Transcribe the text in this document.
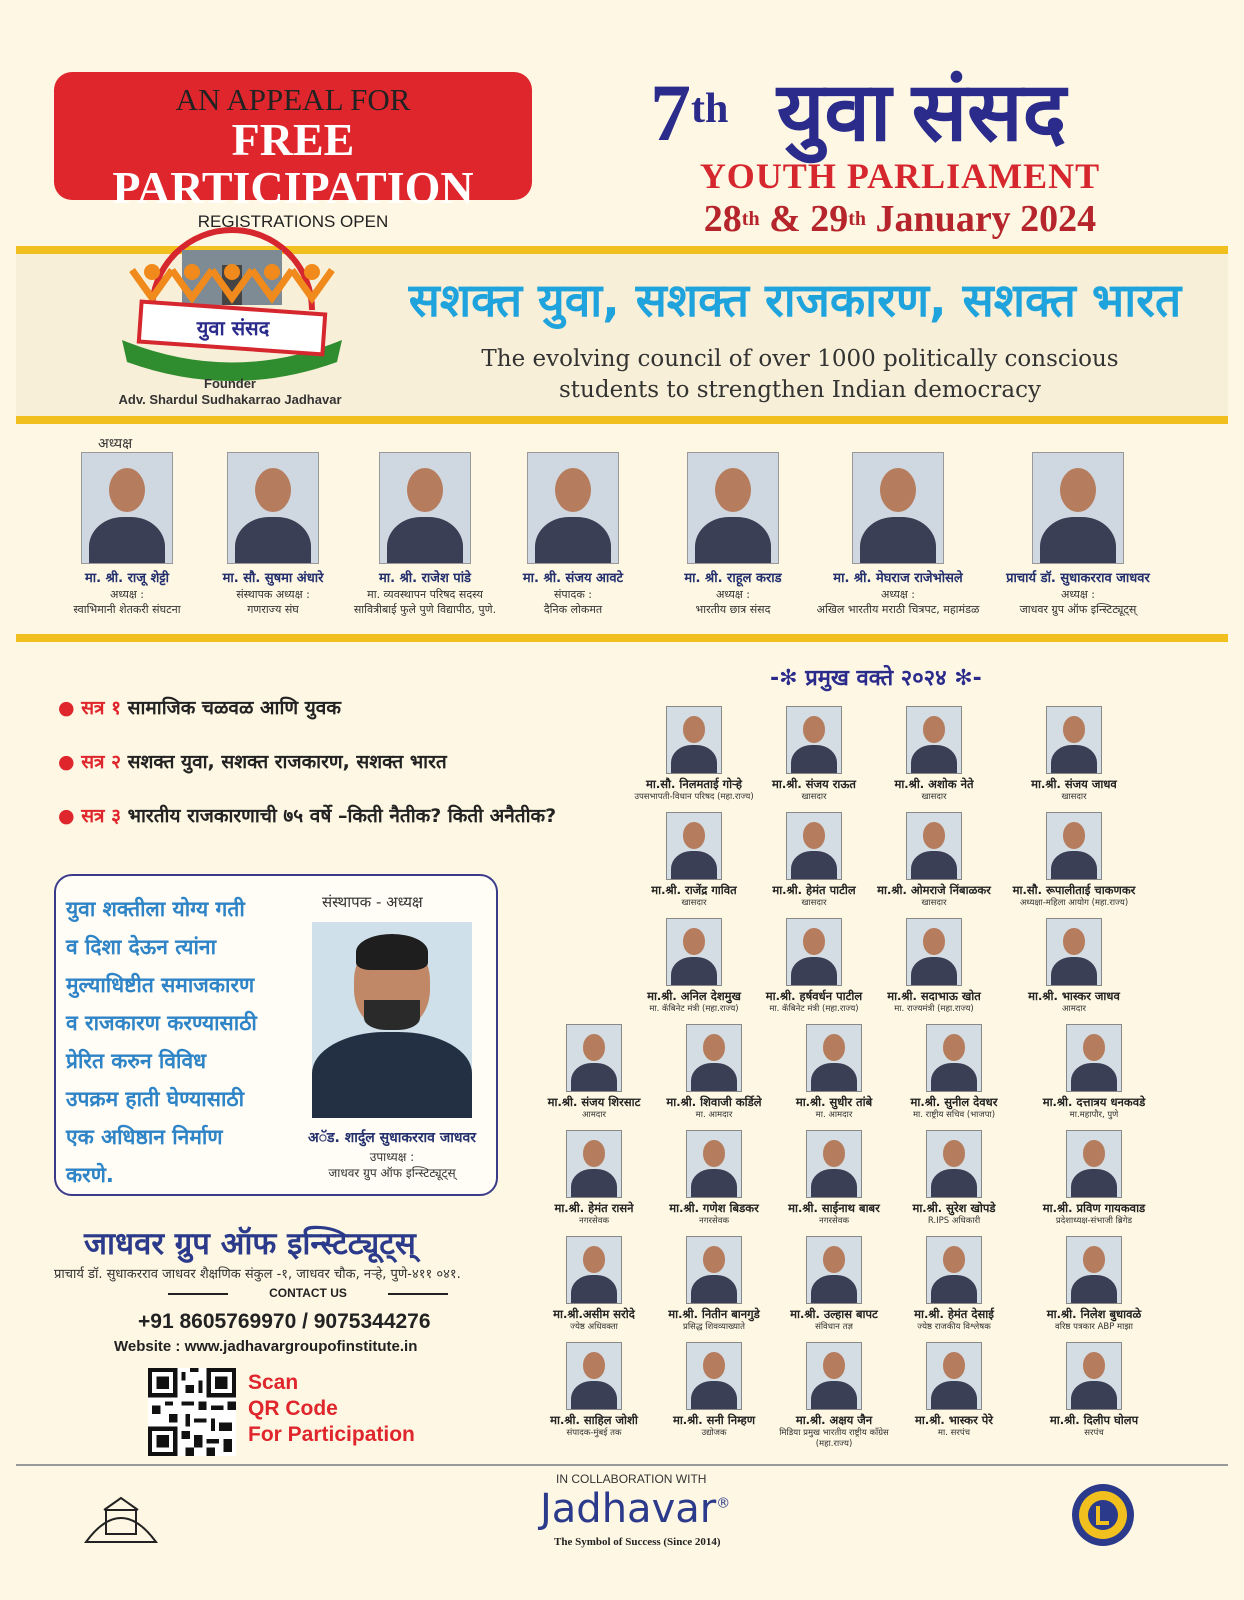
AN APPEAL FOR
FREE PARTICIPATION
REGISTRATIONS OPEN
7th युवा संसद
YOUTH PARLIAMENT
28th & 29th January 2024
युवा संसद
Founder
Adv. Shardul Sudhakarrao Jadhavar
सशक्त युवा, सशक्त राजकारण, सशक्त भारत
The evolving council of over 1000 politically conscious
students to strengthen Indian democracy
अध्यक्ष
मा. श्री. राजू शेट्टी
अध्यक्ष :
स्वाभिमानी शेतकरी संघटना
मा. सौ. सुषमा अंधारे
संस्थापक अध्यक्ष :
गणराज्य संघ
मा. श्री. राजेश पांडे
मा. व्यवस्थापन परिषद सदस्य
सावित्रीबाई फुले पुणे विद्यापीठ, पुणे.
मा. श्री. संजय आवटे
संपादक :
दैनिक लोकमत
मा. श्री. राहूल कराड
अध्यक्ष :
भारतीय छात्र संसद
मा. श्री. मेघराज राजेभोसले
अध्यक्ष :
अखिल भारतीय मराठी चित्रपट, महामंडळ
प्राचार्य डॉ. सुधाकरराव जाधवर
अध्यक्ष :
जाधवर ग्रुप ऑफ इन्स्टिट्यूट्स्
● सत्र १ सामाजिक चळवळ आणि युवक
● सत्र २ सशक्त युवा, सशक्त राजकारण, सशक्त भारत
● सत्र ३ भारतीय राजकारणाची ७५ वर्षे –किती नैतीक? किती अनैतीक?
युवा शक्तीला योग्य गती
व दिशा देऊन त्यांना
मुल्याधिष्टीत समाजकारण
व राजकारण करण्यासाठी
प्रेरित करुन विविध
उपक्रम हाती घेण्यासाठी
एक अधिष्ठान निर्माण
करणे.
संस्थापक - अध्यक्ष
अॅड. शार्दुल सुधाकरराव जाधवर
उपाध्यक्ष :
जाधवर ग्रुप ऑफ इन्स्टिट्यूट्स्
जाधवर ग्रुप ऑफ इन्स्टिट्यूट्स्
प्राचार्य डॉ. सुधाकरराव जाधवर शैक्षणिक संकुल -१, जाधवर चौक, नऱ्हे, पुणे-४११ ०४१.
CONTACT US
+91 8605769970 / 9075344276
Website : www.jadhavargroupofinstitute.in
Scan
QR Code
For Participation
-✻ प्रमुख वक्ते २०२४ ✻-
मा.सौ. निलमताई गोऱ्हे
उपसभापती-विधान परिषद (महा.राज्य)
मा.श्री. संजय राऊत
खासदार
मा.श्री. अशोक नेते
खासदार
मा.श्री. संजय जाधव
खासदार
मा.श्री. राजेंद्र गावित
खासदार
मा.श्री. हेमंत पाटील
खासदार
मा.श्री. ओमराजे निंबाळकर
खासदार
मा.सौ. रूपालीताई चाकणकर
अध्यक्षा-महिला आयोग (महा.राज्य)
मा.श्री. अनिल देशमुख
मा. कॅबिनेट मंत्री (महा.राज्य)
मा.श्री. हर्षवर्धन पाटील
मा. कॅबिनेट मंत्री (महा.राज्य)
मा.श्री. सदाभाऊ खोत
मा. राज्यमंत्री (महा.राज्य)
मा.श्री. भास्कर जाधव
आमदार
मा.श्री. संजय शिरसाट
आमदार
मा.श्री. शिवाजी कर्डिले
मा. आमदार
मा.श्री. सुधीर तांबे
मा. आमदार
मा.श्री. सुनील देवधर
मा. राष्ट्रीय सचिव (भाजपा)
मा.श्री. दत्तात्रय धनकवडे
मा.महापौर, पुणे
मा.श्री. हेमंत रासने
नगरसेवक
मा.श्री. गणेश बिडकर
नगरसेवक
मा.श्री. साईनाथ बाबर
नगरसेवक
मा.श्री. सुरेश खोपडे
R.IPS अधिकारी
मा.श्री. प्रविण गायकवाड
प्रदेशाध्यक्ष-संभाजी ब्रिगेड
मा.श्री.असीम सरोदे
ज्येष्ठ अधिवक्ता
मा.श्री. नितीन बानगुडे
प्रसिद्ध शिवव्याख्याते
मा.श्री. उल्हास बापट
संविधान तज्ञ
मा.श्री. हेमंत देसाई
ज्येष्ठ राजकीय विश्लेषक
मा.श्री. निलेश बुधावळे
वरिष्ठ पत्रकार ABP माझा
मा.श्री. साहिल जोशी
संपादक-मुंबई तक
मा.श्री. सनी निम्हण
उद्योजक
मा.श्री. अक्षय जैन
मिडिया प्रमुख भारतीय राष्ट्रीय कॉंग्रेस
(महा.राज्य)
मा.श्री. भास्कर पेरे
मा. सरपंच
मा.श्री. दिलीप घोलप
सरपंच
IN COLLABORATION WITH
Jadhavar®
The Symbol of Success (Since 2014)
